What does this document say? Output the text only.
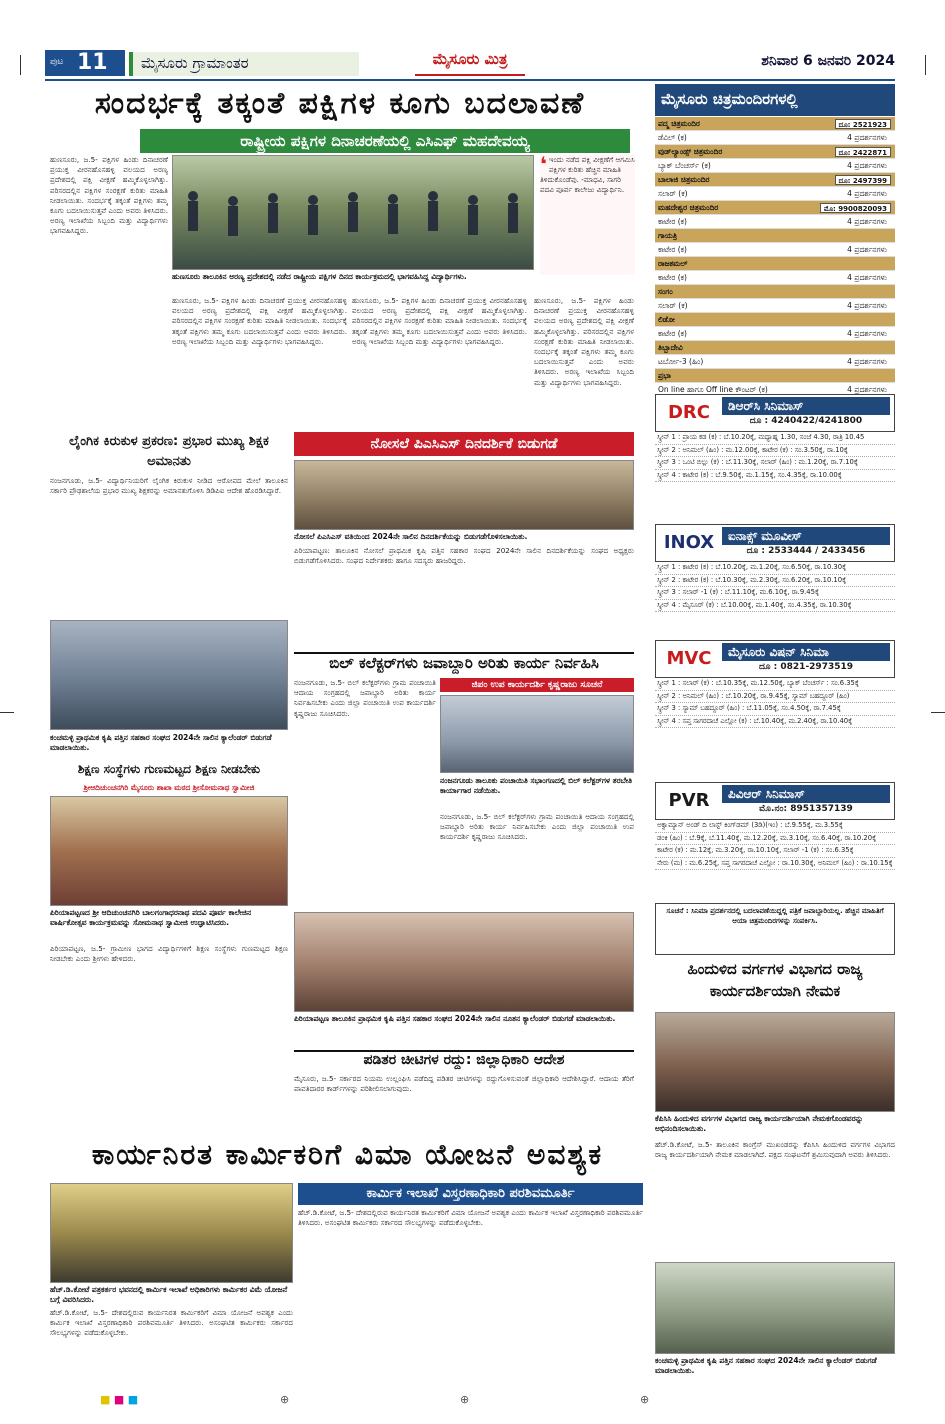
ಪುಟ 11	ಮೈಸೂರು ಗ್ರಾಮಾಂತರ	ಮೈಸೂರು ಮಿತ್ರ	ಶನಿವಾರ 6 ಜನವರಿ 2024
ಸಂದರ್ಭಕ್ಕೆ ತಕ್ಕಂತೆ ಪಕ್ಷಿಗಳ ಕೂಗು ಬದಲಾವಣೆ
ರಾಷ್ಟ್ರೀಯ ಪಕ್ಷಿಗಳ ದಿನಾಚರಣೆಯಲ್ಲಿ ಎಸಿಎಫ್ ಮಹದೇವಯ್ಯ
ಹುಣಸೂರು, ಜ.5- ಪಕ್ಷಿಗಳ ಹಿಂಡು ದಿನಾಚರಣೆ ಪ್ರಯುಕ್ತ ವೀರನಹೊಸಹಳ್ಳಿ ವಲಯದ ಅರಣ್ಯ ಪ್ರದೇಶದಲ್ಲಿ ಪಕ್ಷಿ ವೀಕ್ಷಣೆ ಹಮ್ಮಿಕೊಳ್ಳಲಾಗಿತ್ತು. ಪರಿಸರದಲ್ಲಿನ ಪಕ್ಷಿಗಳ ಸಂರಕ್ಷಣೆ ಕುರಿತು ಮಾಹಿತಿ ನೀಡಲಾಯಿತು. ಸಂದರ್ಭಕ್ಕೆ ತಕ್ಕಂತೆ ಪಕ್ಷಿಗಳು ತಮ್ಮ ಕೂಗು ಬದಲಾಯಿಸುತ್ತವೆ ಎಂದು ಅವರು ತಿಳಿಸಿದರು. ಅರಣ್ಯ ಇಲಾಖೆಯ ಸಿಬ್ಬಂದಿ ಮತ್ತು ವಿದ್ಯಾರ್ಥಿಗಳು ಭಾಗವಹಿಸಿದ್ದರು.
ಹುಣಸೂರು ತಾಲೂಕಿನ ಅರಣ್ಯ ಪ್ರದೇಶದಲ್ಲಿ ನಡೆದ ರಾಷ್ಟ್ರೀಯ ಪಕ್ಷಿಗಳ ದಿನದ ಕಾರ್ಯಕ್ರಮದಲ್ಲಿ ಭಾಗವಹಿಸಿದ್ದ ವಿದ್ಯಾರ್ಥಿಗಳು.
❛ ಇಂದು ನಡೆದ ಪಕ್ಷಿ ವೀಕ್ಷಣೆಗೆ ಆಗಮಿಸಿ ಪಕ್ಷಿಗಳ ಕುರಿತು ಹೆಚ್ಚಿನ ಮಾಹಿತಿ ತಿಳಿದುಕೊಂಡೆವು. -ಮಾಧವಿ, ಸಾಗರಿ ಪದವಿ ಪೂರ್ವ ಕಾಲೇಜು ವಿದ್ಯಾರ್ಥಿನಿ.
ಹುಣಸೂರು, ಜ.5- ಪಕ್ಷಿಗಳ ಹಿಂಡು ದಿನಾಚರಣೆ ಪ್ರಯುಕ್ತ ವೀರನಹೊಸಹಳ್ಳಿ ವಲಯದ ಅರಣ್ಯ ಪ್ರದೇಶದಲ್ಲಿ ಪಕ್ಷಿ ವೀಕ್ಷಣೆ ಹಮ್ಮಿಕೊಳ್ಳಲಾಗಿತ್ತು. ಪರಿಸರದಲ್ಲಿನ ಪಕ್ಷಿಗಳ ಸಂರಕ್ಷಣೆ ಕುರಿತು ಮಾಹಿತಿ ನೀಡಲಾಯಿತು. ಸಂದರ್ಭಕ್ಕೆ ತಕ್ಕಂತೆ ಪಕ್ಷಿಗಳು ತಮ್ಮ ಕೂಗು ಬದಲಾಯಿಸುತ್ತವೆ ಎಂದು ಅವರು ತಿಳಿಸಿದರು. ಅರಣ್ಯ ಇಲಾಖೆಯ ಸಿಬ್ಬಂದಿ ಮತ್ತು ವಿದ್ಯಾರ್ಥಿಗಳು ಭಾಗವಹಿಸಿದ್ದರು.
ಹುಣಸೂರು, ಜ.5- ಪಕ್ಷಿಗಳ ಹಿಂಡು ದಿನಾಚರಣೆ ಪ್ರಯುಕ್ತ ವೀರನಹೊಸಹಳ್ಳಿ ವಲಯದ ಅರಣ್ಯ ಪ್ರದೇಶದಲ್ಲಿ ಪಕ್ಷಿ ವೀಕ್ಷಣೆ ಹಮ್ಮಿಕೊಳ್ಳಲಾಗಿತ್ತು. ಪರಿಸರದಲ್ಲಿನ ಪಕ್ಷಿಗಳ ಸಂರಕ್ಷಣೆ ಕುರಿತು ಮಾಹಿತಿ ನೀಡಲಾಯಿತು. ಸಂದರ್ಭಕ್ಕೆ ತಕ್ಕಂತೆ ಪಕ್ಷಿಗಳು ತಮ್ಮ ಕೂಗು ಬದಲಾಯಿಸುತ್ತವೆ ಎಂದು ಅವರು ತಿಳಿಸಿದರು. ಅರಣ್ಯ ಇಲಾಖೆಯ ಸಿಬ್ಬಂದಿ ಮತ್ತು ವಿದ್ಯಾರ್ಥಿಗಳು ಭಾಗವಹಿಸಿದ್ದರು.
ಹುಣಸೂರು, ಜ.5- ಪಕ್ಷಿಗಳ ಹಿಂಡು ದಿನಾಚರಣೆ ಪ್ರಯುಕ್ತ ವೀರನಹೊಸಹಳ್ಳಿ ವಲಯದ ಅರಣ್ಯ ಪ್ರದೇಶದಲ್ಲಿ ಪಕ್ಷಿ ವೀಕ್ಷಣೆ ಹಮ್ಮಿಕೊಳ್ಳಲಾಗಿತ್ತು. ಪರಿಸರದಲ್ಲಿನ ಪಕ್ಷಿಗಳ ಸಂರಕ್ಷಣೆ ಕುರಿತು ಮಾಹಿತಿ ನೀಡಲಾಯಿತು. ಸಂದರ್ಭಕ್ಕೆ ತಕ್ಕಂತೆ ಪಕ್ಷಿಗಳು ತಮ್ಮ ಕೂಗು ಬದಲಾಯಿಸುತ್ತವೆ ಎಂದು ಅವರು ತಿಳಿಸಿದರು. ಅರಣ್ಯ ಇಲಾಖೆಯ ಸಿಬ್ಬಂದಿ ಮತ್ತು ವಿದ್ಯಾರ್ಥಿಗಳು ಭಾಗವಹಿಸಿದ್ದರು.
ಲೈಂಗಿಕ ಕಿರುಕುಳ ಪ್ರಕರಣ: ಪ್ರಭಾರ ಮುಖ್ಯ ಶಿಕ್ಷಕ ಅಮಾನತು
ನಂಜನಗೂಡು, ಜ.5- ವಿದ್ಯಾರ್ಥಿನಿಯರಿಗೆ ಲೈಂಗಿಕ ಕಿರುಕುಳ ನೀಡಿದ ಆರೋಪದ ಮೇಲೆ ತಾಲೂಕಿನ ಸರ್ಕಾರಿ ಪ್ರೌಢಶಾಲೆಯ ಪ್ರಭಾರ ಮುಖ್ಯ ಶಿಕ್ಷಕರನ್ನು ಅಮಾನತುಗೊಳಿಸಿ ಡಿಡಿಪಿಐ ಆದೇಶ ಹೊರಡಿಸಿದ್ದಾರೆ.
ನೋಸಲೆ ಪಿಎಸಿಎಸ್ ದಿನದರ್ಶಿಕೆ ಬಿಡುಗಡೆ
ನೋಸಲೆ ಪಿಎಸಿಎಸ್ ವತಿಯಿಂದ 2024ನೇ ಸಾಲಿನ ದಿನದರ್ಶಿಕೆಯನ್ನು ಬಿಡುಗಡೆಗೊಳಿಸಲಾಯಿತು.
ಪಿರಿಯಾಪಟ್ಟಣ: ತಾಲೂಕಿನ ನೋಸಲೆ ಪ್ರಾಥಮಿಕ ಕೃಷಿ ಪತ್ತಿನ ಸಹಕಾರ ಸಂಘದ 2024ನೇ ಸಾಲಿನ ದಿನದರ್ಶಿಕೆಯನ್ನು ಸಂಘದ ಅಧ್ಯಕ್ಷರು ಬಿಡುಗಡೆಗೊಳಿಸಿದರು. ಸಂಘದ ನಿರ್ದೇಶಕರು ಹಾಗೂ ಸದಸ್ಯರು ಹಾಜರಿದ್ದರು.
ಕಂಚಮಳ್ಳಿ ಪ್ರಾಥಮಿಕ ಕೃಷಿ ಪತ್ತಿನ ಸಹಕಾರ ಸಂಘದ 2024ನೇ ಸಾಲಿನ ಕ್ಯಾಲೆಂಡರ್ ಬಿಡುಗಡೆ ಮಾಡಲಾಯಿತು.
ಶಿಕ್ಷಣ ಸಂಸ್ಥೆಗಳು ಗುಣಮಟ್ಟದ ಶಿಕ್ಷಣ ನೀಡಬೇಕು
ಶ್ರೀಆದಿಚುಂಚನಗಿರಿ ಮೈಸೂರು ಶಾಖಾ ಮಠದ ಶ್ರೀಸೋಮನಾಥ ಸ್ವಾಮೀಜಿ
ಪಿರಿಯಾಪಟ್ಟಣದ ಶ್ರೀ ಆದಿಚುಂಚನಗಿರಿ ಬಾಲಗಂಗಾಧರನಾಥ ಪದವಿ ಪೂರ್ವ ಕಾಲೇಜಿನ ವಾರ್ಷಿಕೋತ್ಸವ ಕಾರ್ಯಕ್ರಮವನ್ನು ಸೋಮನಾಥ ಸ್ವಾಮೀಜಿ ಉದ್ಘಾಟಿಸಿದರು.
ಪಿರಿಯಾಪಟ್ಟಣ, ಜ.5- ಗ್ರಾಮೀಣ ಭಾಗದ ವಿದ್ಯಾರ್ಥಿಗಳಿಗೆ ಶಿಕ್ಷಣ ಸಂಸ್ಥೆಗಳು ಗುಣಮಟ್ಟದ ಶಿಕ್ಷಣ ನೀಡಬೇಕು ಎಂದು ಶ್ರೀಗಳು ಹೇಳಿದರು.
ಬಿಲ್ ಕಲೆಕ್ಟರ್‌ಗಳು ಜವಾಬ್ದಾರಿ ಅರಿತು ಕಾರ್ಯ ನಿರ್ವಹಿಸಿ
ಜಿಪಂ ಉಪ ಕಾರ್ಯದರ್ಶಿ ಕೃಷ್ಣರಾಜು ಸೂಚನೆ
ನಂಜನಗೂಡು, ಜ.5- ಬಿಲ್ ಕಲೆಕ್ಟರ್‌ಗಳು ಗ್ರಾಮ ಪಂಚಾಯಿತಿ ಆದಾಯ ಸಂಗ್ರಹದಲ್ಲಿ ಜವಾಬ್ದಾರಿ ಅರಿತು ಕಾರ್ಯ ನಿರ್ವಹಿಸಬೇಕು ಎಂದು ಜಿಲ್ಲಾ ಪಂಚಾಯಿತಿ ಉಪ ಕಾರ್ಯದರ್ಶಿ ಕೃಷ್ಣರಾಜು ಸೂಚಿಸಿದರು.
ನಂಜನಗೂಡು ತಾಲೂಕು ಪಂಚಾಯಿತಿ ಸಭಾಂಗಣದಲ್ಲಿ ಬಿಲ್ ಕಲೆಕ್ಟರ್‌ಗಳ ತರಬೇತಿ ಕಾರ್ಯಾಗಾರ ನಡೆಯಿತು.
ನಂಜನಗೂಡು, ಜ.5- ಬಿಲ್ ಕಲೆಕ್ಟರ್‌ಗಳು ಗ್ರಾಮ ಪಂಚಾಯಿತಿ ಆದಾಯ ಸಂಗ್ರಹದಲ್ಲಿ ಜವಾಬ್ದಾರಿ ಅರಿತು ಕಾರ್ಯ ನಿರ್ವಹಿಸಬೇಕು ಎಂದು ಜಿಲ್ಲಾ ಪಂಚಾಯಿತಿ ಉಪ ಕಾರ್ಯದರ್ಶಿ ಕೃಷ್ಣರಾಜು ಸೂಚಿಸಿದರು.
ಪಿರಿಯಾಪಟ್ಟಣ ತಾಲೂಕಿನ ಪ್ರಾಥಮಿಕ ಕೃಷಿ ಪತ್ತಿನ ಸಹಕಾರ ಸಂಘದ 2024ನೇ ಸಾಲಿನ ನೂತನ ಕ್ಯಾಲೆಂಡರ್ ಬಿಡುಗಡೆ ಮಾಡಲಾಯಿತು.
ಪಡಿತರ ಚೀಟಿಗಳ ರದ್ದು: ಜಿಲ್ಲಾಧಿಕಾರಿ ಆದೇಶ
ಮೈಸೂರು, ಜ.5- ಸರ್ಕಾರದ ನಿಯಮ ಉಲ್ಲಂಘಿಸಿ ಪಡೆದಿದ್ದ ಪಡಿತರ ಚೀಟಿಗಳನ್ನು ರದ್ದುಗೊಳಿಸುವಂತೆ ಜಿಲ್ಲಾಧಿಕಾರಿ ಆದೇಶಿಸಿದ್ದಾರೆ. ಆದಾಯ ತೆರಿಗೆ ಪಾವತಿದಾರರ ಕಾರ್ಡ್‌ಗಳನ್ನು ಪರಿಶೀಲಿಸಲಾಗುವುದು.
ಕಾರ್ಯನಿರತ ಕಾರ್ಮಿಕರಿಗೆ ವಿಮಾ ಯೋಜನೆ ಅವಶ್ಯಕ
ಕಾರ್ಮಿಕ ಇಲಾಖೆ ವಿಸ್ತರಣಾಧಿಕಾರಿ ಪರಶಿವಮೂರ್ತಿ
ಹೆಚ್.ಡಿ.ಕೋಟೆ ಪತ್ರಕರ್ತರ ಭವನದಲ್ಲಿ ಕಾರ್ಮಿಕ ಇಲಾಖೆ ಅಧಿಕಾರಿಗಳು ಕಾರ್ಮಿಕರ ವಿಮೆ ಯೋಜನೆ ಬಗ್ಗೆ ವಿವರಿಸಿದರು.
ಹೆಚ್.ಡಿ.ಕೋಟೆ, ಜ.5- ದೇಶದಲ್ಲಿರುವ ಕಾರ್ಯನಿರತ ಕಾರ್ಮಿಕರಿಗೆ ವಿಮಾ ಯೋಜನೆ ಅವಶ್ಯಕ ಎಂದು ಕಾರ್ಮಿಕ ಇಲಾಖೆ ವಿಸ್ತರಣಾಧಿಕಾರಿ ಪರಶಿವಮೂರ್ತಿ ತಿಳಿಸಿದರು. ಅಸಂಘಟಿತ ಕಾರ್ಮಿಕರು ಸರ್ಕಾರದ ಸೌಲಭ್ಯಗಳನ್ನು ಪಡೆದುಕೊಳ್ಳಬೇಕು.
ಹೆಚ್.ಡಿ.ಕೋಟೆ, ಜ.5- ದೇಶದಲ್ಲಿರುವ ಕಾರ್ಯನಿರತ ಕಾರ್ಮಿಕರಿಗೆ ವಿಮಾ ಯೋಜನೆ ಅವಶ್ಯಕ ಎಂದು ಕಾರ್ಮಿಕ ಇಲಾಖೆ ವಿಸ್ತರಣಾಧಿಕಾರಿ ಪರಶಿವಮೂರ್ತಿ ತಿಳಿಸಿದರು. ಅಸಂಘಟಿತ ಕಾರ್ಮಿಕರು ಸರ್ಕಾರದ ಸೌಲಭ್ಯಗಳನ್ನು ಪಡೆದುಕೊಳ್ಳಬೇಕು.
ಮೈಸೂರು ಚಿತ್ರಮಂದಿರಗಳಲ್ಲಿ
ಪದ್ಮ ಚಿತ್ರಮಂದಿರ	ದೂ: 2521923
ಡೆವಿಲ್ (ಕ)	4 ಪ್ರದರ್ಶನಗಳು
ವುಡ್‌ಲ್ಯಾಂಡ್ಸ್ ಚಿತ್ರಮಂದಿರ	ದೂ: 2422871
ಬ್ಯಾಕ್ ಬೆಂಚರ್ಸ್ (ಕ)	4 ಪ್ರದರ್ಶನಗಳು
ಬಾಲಾಜಿ ಚಿತ್ರಮಂದಿರ	ದೂ: 2497399
ಸಲಾರ್ (ಕ)	4 ಪ್ರದರ್ಶನಗಳು
ಮಹದೇಶ್ವರ ಚಿತ್ರಮಂದಿರ	ಮೊ: 9900820093
ಕಾಟೇರ (ಕ)	4 ಪ್ರದರ್ಶನಗಳು
ಗಾಯತ್ರಿ
ಕಾಟೇರ (ಕ)	4 ಪ್ರದರ್ಶನಗಳು
ರಾಜಕಮಲ್
ಕಾಟೇರ (ಕ)	4 ಪ್ರದರ್ಶನಗಳು
ಸಂಗಂ
ಸಲಾರ್ (ಕ)	4 ಪ್ರದರ್ಶನಗಳು
ಲಿಡೋ
ಕಾಟೇರ (ಕ)	4 ಪ್ರದರ್ಶನಗಳು
ತಿಬ್ಬಾದೇವಿ
ಟರ್ಬೋ-3 (ಹಿಂ)	4 ಪ್ರದರ್ಶನಗಳು
ಪ್ರಭಾ
On line ಹಾಗೂ Off line ಕೌಂಟರ್ (ಕ)	4 ಪ್ರದರ್ಶನಗಳು
DRC	ಡಿಆರ್‌ಸಿ ಸಿನಿಮಾಸ್
ದೂ : 4240422/4241800
ಸ್ಕ್ರೀನ್ 1 : ಪ್ರಾಯ ಕಡ (ಕ) : ಬೆ.10.20ಕ್ಕೆ, ಮಧ್ಯಾಹ್ನ 1.30, ಸಂಜೆ 4.30, ರಾತ್ರಿ 10.45
ಸ್ಕ್ರೀನ್ 2 : ಅನಿಮಲ್ (ಹಿಂ) : ಮ.12.00ಕ್ಕೆ, ಕಾಟೇರ (ಕ) : ಸಂ.3.50ಕ್ಕೆ, ರಾ.10ಕ್ಕೆ
ಸ್ಕ್ರೀನ್ 3 : ಒಂಟಿ ಬಿಲ್ಲು (ಕ) : ಬೆ.11.30ಕ್ಕೆ, ಸಲಾರ್ (ಹಿಂ) : ಮ.1.20ಕ್ಕೆ, ರಾ.7.10ಕ್ಕೆ
ಸ್ಕ್ರೀನ್ 4 : ಕಾಟೇರ (ಕ) : ಬೆ.9.50ಕ್ಕೆ, ಮ.1.15ಕ್ಕೆ, ಸಂ.4.35ಕ್ಕೆ, ರಾ.10.00ಕ್ಕೆ
INOX	ಐನಾಕ್ಸ್ ಮೂವೀಸ್
ದೂ : 2533444 / 2433456
ಸ್ಕ್ರೀನ್ 1 : ಕಾಟೇರ (ಕ) : ಬೆ.10.20ಕ್ಕೆ, ಮ.1.20ಕ್ಕೆ, ಸಂ.6.50ಕ್ಕೆ, ರಾ.10.30ಕ್ಕೆ
ಸ್ಕ್ರೀನ್ 2 : ಕಾಟೇರ (ಕ) : ಬೆ.10.30ಕ್ಕೆ, ಮ.2.30ಕ್ಕೆ, ಸಂ.6.20ಕ್ಕೆ, ರಾ.10.10ಕ್ಕೆ
ಸ್ಕ್ರೀನ್ 3 : ಸಲಾರ್ -1 (ಕ) : ಬೆ.11.10ಕ್ಕೆ, ಮ.6.10ಕ್ಕೆ, ರಾ.9.45ಕ್ಕೆ
ಸ್ಕ್ರೀನ್ 4 : ಮೈಸೂರ್ (ಕ) : ಬೆ.10.00ಕ್ಕೆ, ಮ.1.40ಕ್ಕೆ, ಸಂ.4.35ಕ್ಕೆ, ರಾ.10.30ಕ್ಕೆ
MVC	ಮೈಸೂರು ವಿಷನ್ ಸಿನಿಮಾ
ದೂ : 0821-2973519
ಸ್ಕ್ರೀನ್ 1 : ಸಲಾರ್ (ಕ) : ಬೆ.10.35ಕ್ಕೆ, ಮ.12.50ಕ್ಕೆ, ಬ್ಯಾಕ್ ಬೆಂಚರ್ಸ್ : ಸಂ.6.35ಕ್ಕೆ
ಸ್ಕ್ರೀನ್ 2 : ಅನಿಮಲ್ (ಹಿಂ) : ಬೆ.10.20ಕ್ಕೆ, ರಾ.9.45ಕ್ಕೆ, ಸ್ಯಾಮ್ ಬಹದ್ದೂರ್ (ಹಿಂ)
ಸ್ಕ್ರೀನ್ 3 : ಸ್ಯಾಮ್ ಬಹದ್ದೂರ್ (ಹಿಂ) : ಬೆ.11.05ಕ್ಕೆ, ಸಂ.4.50ಕ್ಕೆ, ರಾ.7.45ಕ್ಕೆ
ಸ್ಕ್ರೀನ್ 4 : ಸಪ್ತ ಸಾಗರದಾಚೆ ಎಲ್ಲೋ (ಕ) : ಬೆ.10.40ಕ್ಕೆ, ಮ.2.40ಕ್ಕೆ, ರಾ.10.40ಕ್ಕೆ
PVR	ಪಿವಿಆರ್ ಸಿನಿಮಾಸ್
ಮೊ.ನಂ: 8951357139
ಅಕ್ವಾಮ್ಯಾನ್ ಅಂಡ್ ದಿ ಲಾಸ್ಟ್ ಕಿಂಗ್‌ಡಮ್ (3ಡಿ)(ಇಂ) : ಬೆ.9.55ಕ್ಕೆ, ಮ.3.55ಕ್ಕೆ
ಡಂಕಿ (ಹಿಂ) : ಬೆ.9ಕ್ಕೆ, ಬೆ.11.40ಕ್ಕೆ, ಮ.12.20ಕ್ಕೆ, ಮ.3.10ಕ್ಕೆ, ಸಂ.6.40ಕ್ಕೆ, ರಾ.10.20ಕ್ಕೆ
ಕಾಟೇರ (ಕ) : ಮ.12ಕ್ಕೆ, ಮ.3.20ಕ್ಕೆ, ರಾ.10.10ಕ್ಕೆ, ಸಲಾರ್ -1 (ಕ) : ಸಂ.6.35ಕ್ಕೆ
ನೇರು (ಮ) : ಮ.6.25ಕ್ಕೆ, ಸಪ್ತ ಸಾಗರದಾಚೆ ಎಲ್ಲೋ : ರಾ.10.30ಕ್ಕೆ, ಅನಿಮಲ್ (ಹಿಂ) : ರಾ.10.15ಕ್ಕೆ
ಸೂಚನೆ : ಸಿನಿಮಾ ಪ್ರದರ್ಶನದಲ್ಲಿ ಬದಲಾವಣೆಯಿದ್ದಲ್ಲಿ ಪತ್ರಿಕೆ ಜವಾಬ್ದಾರಿಯಲ್ಲ. ಹೆಚ್ಚಿನ ಮಾಹಿತಿಗೆ ಆಯಾ ಚಿತ್ರಮಂದಿರಗಳನ್ನು ಸಂಪರ್ಕಿಸಿ.
ಹಿಂದುಳಿದ ವರ್ಗಗಳ ವಿಭಾಗದ ರಾಜ್ಯ ಕಾರ್ಯದರ್ಶಿಯಾಗಿ ನೇಮಕ
ಕೆಪಿಸಿಸಿ ಹಿಂದುಳಿದ ವರ್ಗಗಳ ವಿಭಾಗದ ರಾಜ್ಯ ಕಾರ್ಯದರ್ಶಿಯಾಗಿ ನೇಮಕಗೊಂಡವರನ್ನು ಅಭಿನಂದಿಸಲಾಯಿತು.
ಹೆಚ್.ಡಿ.ಕೋಟೆ, ಜ.5- ತಾಲೂಕಿನ ಕಾಂಗ್ರೆಸ್ ಮುಖಂಡರನ್ನು ಕೆಪಿಸಿಸಿ ಹಿಂದುಳಿದ ವರ್ಗಗಳ ವಿಭಾಗದ ರಾಜ್ಯ ಕಾರ್ಯದರ್ಶಿಯಾಗಿ ನೇಮಕ ಮಾಡಲಾಗಿದೆ. ಪಕ್ಷದ ಸಂಘಟನೆಗೆ ಶ್ರಮಿಸುವುದಾಗಿ ಅವರು ತಿಳಿಸಿದರು.
ಕಂಚಮಳ್ಳಿ ಪ್ರಾಥಮಿಕ ಕೃಷಿ ಪತ್ತಿನ ಸಹಕಾರ ಸಂಘದ 2024ನೇ ಸಾಲಿನ ಕ್ಯಾಲೆಂಡರ್ ಬಿಡುಗಡೆ ಮಾಡಲಾಯಿತು.
⊕	⊕	⊕
■ ■ ■
